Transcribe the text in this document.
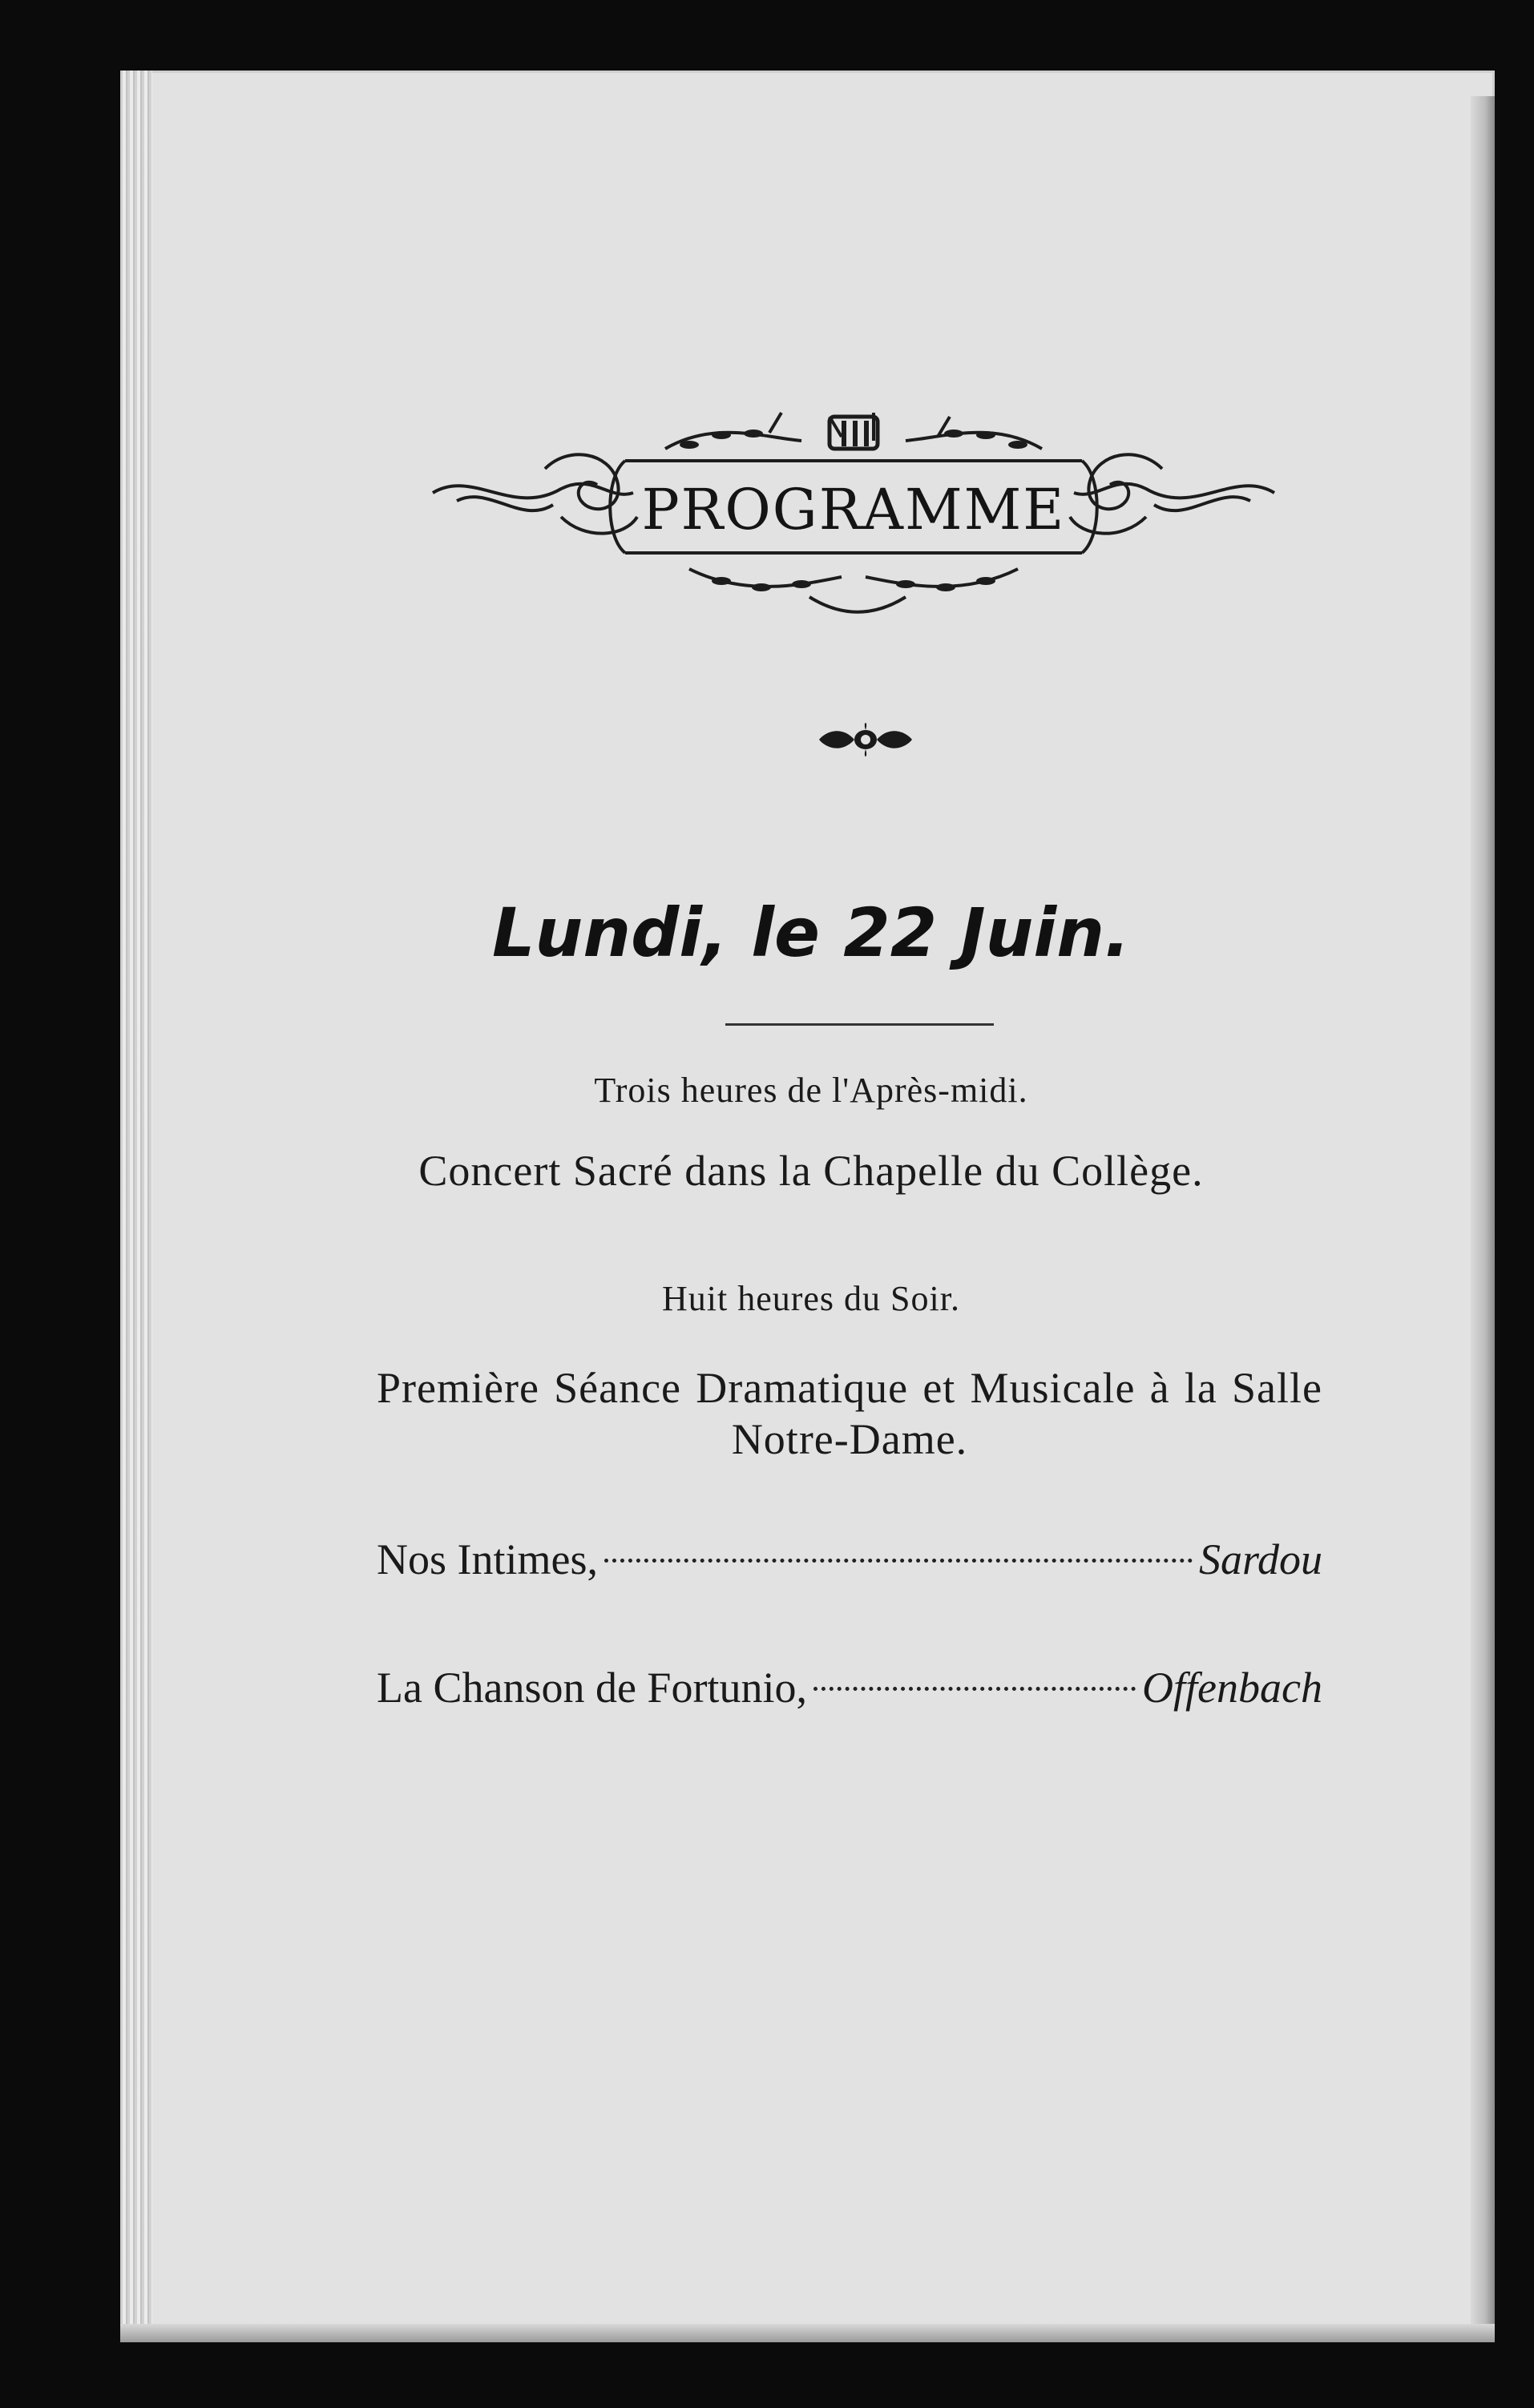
PROGRAMME
Lundi, le 22 Juin.
Trois heures de l'Après-midi.
Concert Sacré dans la Chapelle du Collège.
Huit heures du Soir.
Première Séance Dramatique et Musicale à la Salle Notre-Dame.
Nos Intimes,	Sardou
La Chanson de Fortunio,	Offenbach
